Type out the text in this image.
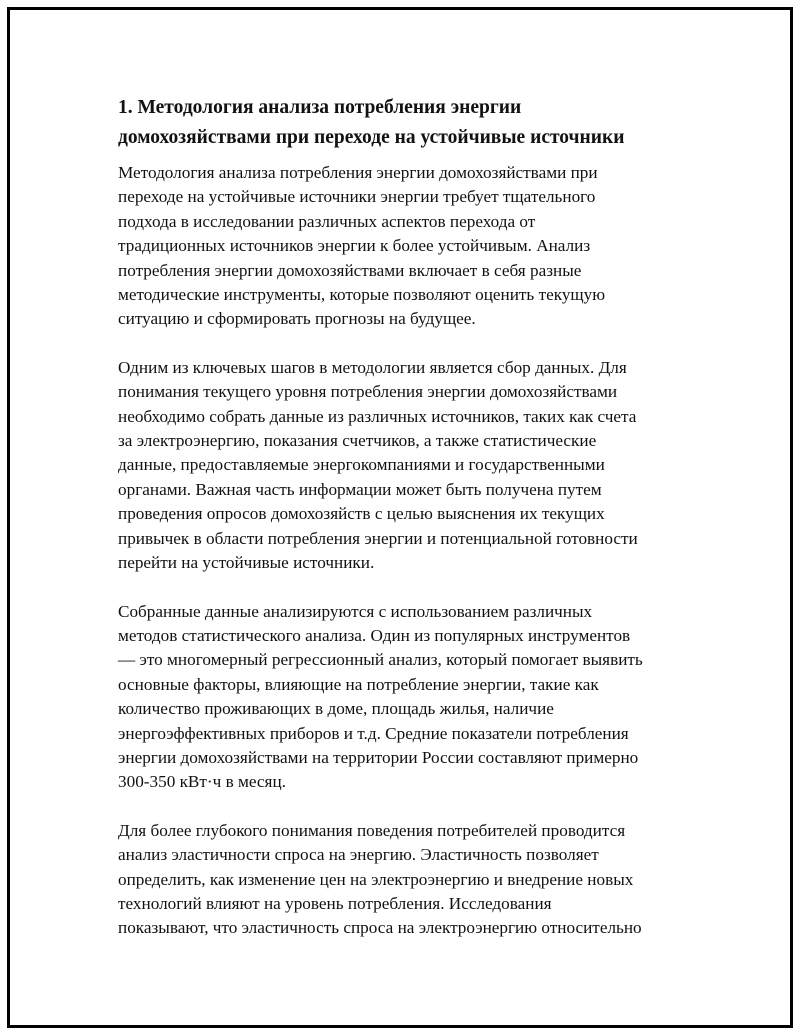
1. Методология анализа потребления энергии
домохозяйствами при переходе на устойчивые источники

Методология анализа потребления энергии домохозяйствами при
переходе на устойчивые источники энергии требует тщательного
подхода в исследовании различных аспектов перехода от
традиционных источников энергии к более устойчивым. Анализ
потребления энергии домохозяйствами включает в себя разные
методические инструменты, которые позволяют оценить текущую
ситуацию и сформировать прогнозы на будущее.

Одним из ключевых шагов в методологии является сбор данных. Для
понимания текущего уровня потребления энергии домохозяйствами
необходимо собрать данные из различных источников, таких как счета
за электроэнергию, показания счетчиков, а также статистические
данные, предоставляемые энергокомпаниями и государственными
органами. Важная часть информации может быть получена путем
проведения опросов домохозяйств с целью выяснения их текущих
привычек в области потребления энергии и потенциальной готовности
перейти на устойчивые источники.

Собранные данные анализируются с использованием различных
методов статистического анализа. Один из популярных инструментов
— это многомерный регрессионный анализ, который помогает выявить
основные факторы, влияющие на потребление энергии, такие как
количество проживающих в доме, площадь жилья, наличие
энергоэффективных приборов и т.д. Средние показатели потребления
энергии домохозяйствами на территории России составляют примерно
300-350 кВт·ч в месяц.

Для более глубокого понимания поведения потребителей проводится
анализ эластичности спроса на энергию. Эластичность позволяет
определить, как изменение цен на электроэнергию и внедрение новых
технологий влияют на уровень потребления. Исследования
показывают, что эластичность спроса на электроэнергию относительно
